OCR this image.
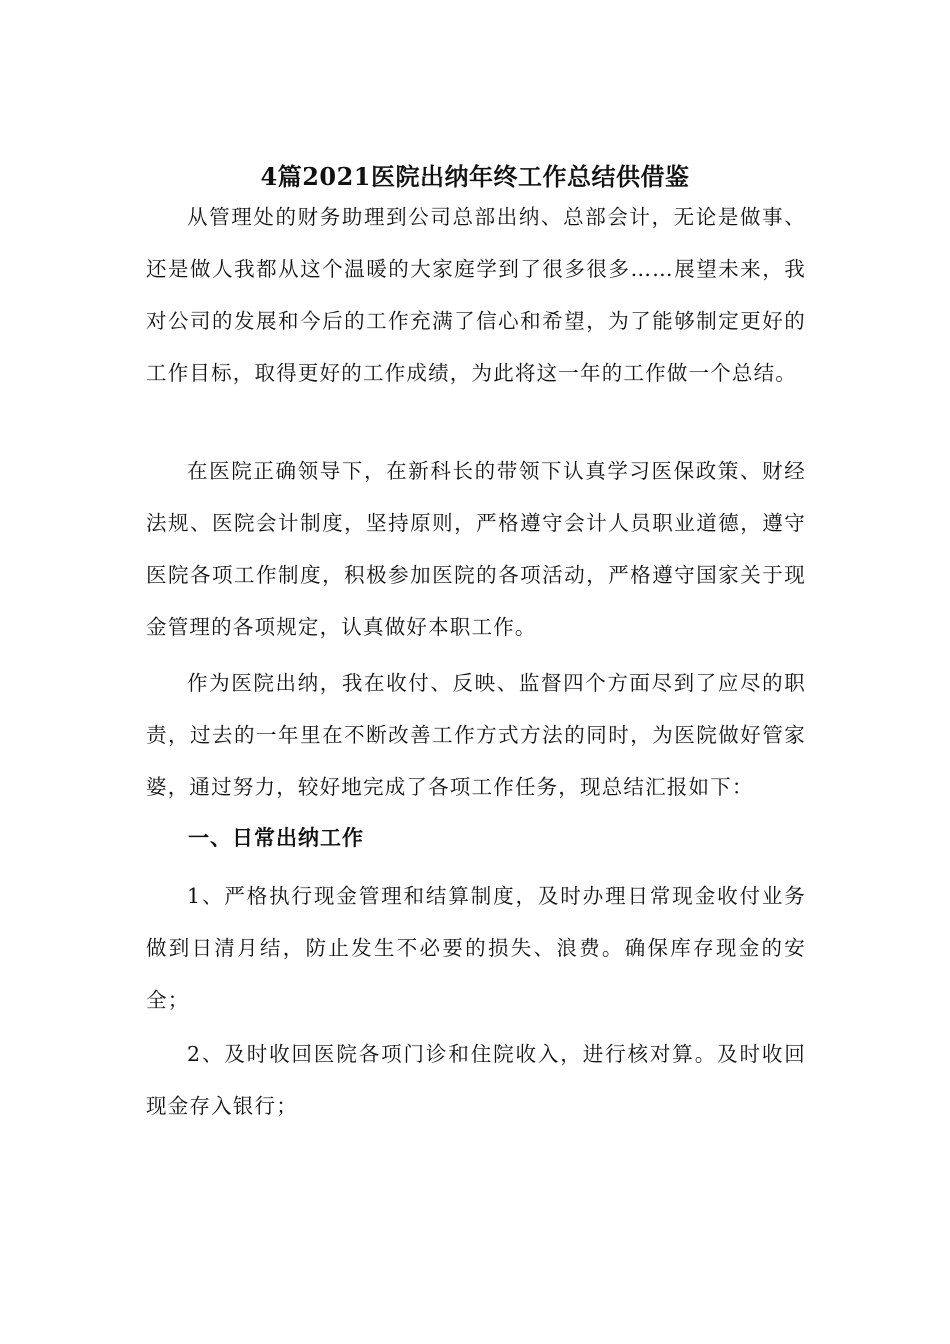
4篇2021医院出纳年终工作总结供借鉴

从管理处的财务助理到公司总部出纳、总部会计，无论是做事、还是做人我都从这个温暖的大家庭学到了很多很多……展望未来，我对公司的发展和今后的工作充满了信心和希望，为了能够制定更好的工作目标，取得更好的工作成绩，为此将这一年的工作做一个总结。

在医院正确领导下，在新科长的带领下认真学习医保政策、财经法规、医院会计制度，坚持原则，严格遵守会计人员职业道德，遵守医院各项工作制度，积极参加医院的各项活动，严格遵守国家关于现金管理的各项规定，认真做好本职工作。

作为医院出纳，我在收付、反映、监督四个方面尽到了应尽的职责，过去的一年里在不断改善工作方式方法的同时，为医院做好管家婆，通过努力，较好地完成了各项工作任务，现总结汇报如下：

一、日常出纳工作

1、严格执行现金管理和结算制度，及时办理日常现金收付业务做到日清月结，防止发生不必要的损失、浪费。确保库存现金的安全；

2、及时收回医院各项门诊和住院收入，进行核对算。及时收回现金存入银行；
